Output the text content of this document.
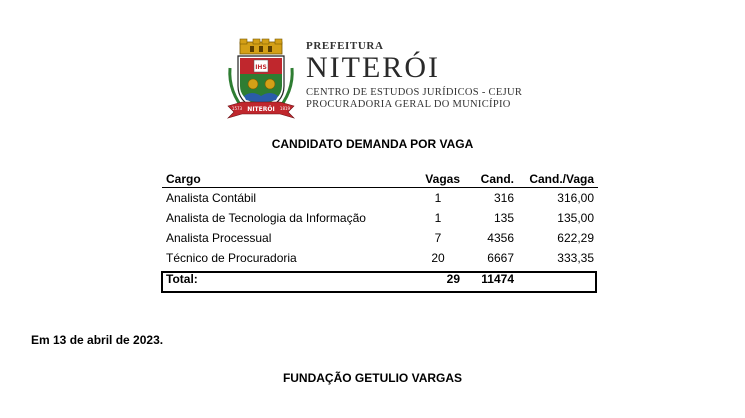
IHS
NITERÓI
1573	1819
PREFEITURA
NITERÓI
CENTRO DE ESTUDOS JURÍDICOS - CEJUR
PROCURADORIA GERAL DO MUNICÍPIO
CANDIDATO DEMANDA POR VAGA
Cargo	Vagas	Cand.	Cand./Vaga
Analista Contábil	1	316	316,00
Analista de Tecnologia da Informação	1	135	135,00
Analista Processual	7	4356	622,29
Técnico de Procuradoria	20	6667	333,35
Total:	29	11474	
Em 13 de abril de 2023.
FUNDAÇÃO GETULIO VARGAS
